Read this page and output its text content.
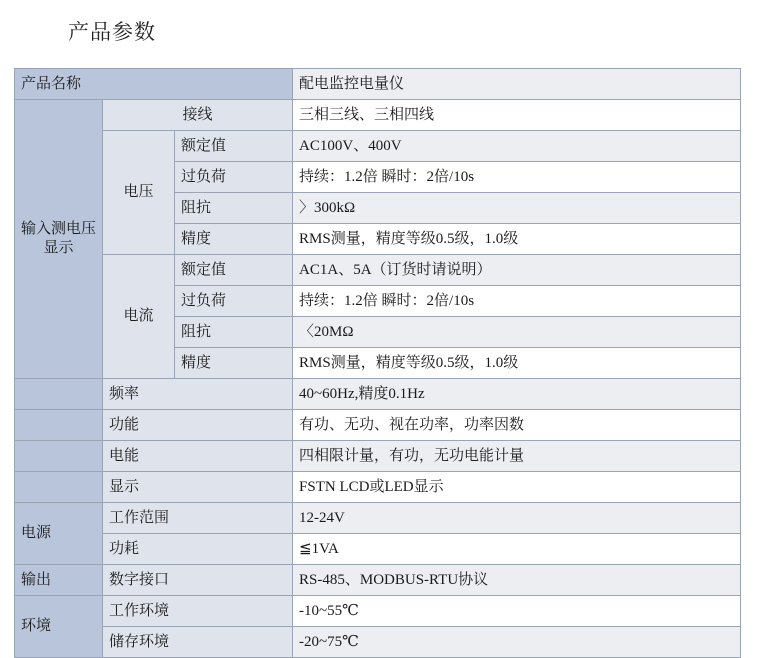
产品参数
产品名称			配电监控电量仪
输入测电压显示	接线		三相三线、三相四线
	电压	额定值	AC100V、400V
		过负荷	持续：1.2倍 瞬时：2倍/10s
		阻抗	〉300kΩ
		精度	RMS测量，精度等级0.5级，1.0级
	电流	额定值	AC1A、5A（订货时请说明）
		过负荷	持续：1.2倍 瞬时：2倍/10s
		阻抗	〈20MΩ
		精度	RMS测量，精度等级0.5级，1.0级
	频率		40~60Hz,精度0.1Hz
	功能		有功、无功、视在功率，功率因数
	电能		四相限计量，有功，无功电能计量
	显示		FSTN LCD或LED显示
电源	工作范围		12-24V
	功耗		≦1VA
输出	数字接口		RS-485、MODBUS-RTU协议
环境	工作环境		-10~55℃
	储存环境		-20~75℃
